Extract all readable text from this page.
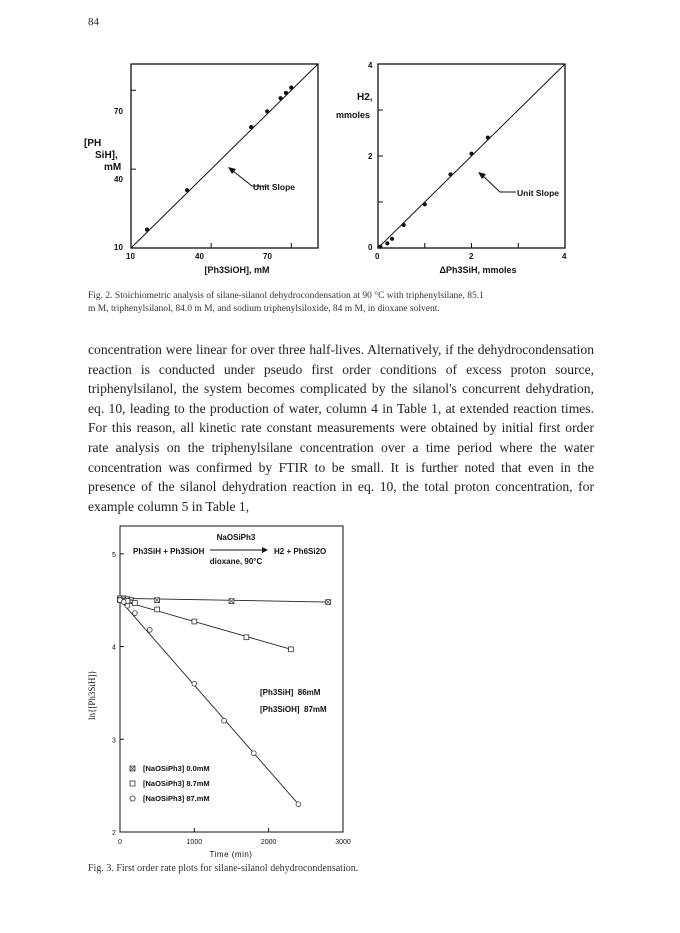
84
[PH
SiH],
mM
70
40
10
10	40	70
[Ph3SiOH], mM
Unit Slope
H2,
mmoles
4
2
0
0	2	4
ΔPh3SiH, mmoles
Unit Slope
Fig. 2. Stoichiometric analysis of silane-silanol dehydrocondensation at 90 °C with triphenylsilane, 85.1
m M, triphenylsilanol, 84.0 m M, and sodium triphenylsiloxide, 84 m M, in dioxane solvent.

concentration were linear for over three half-lives. Alternatively, if the dehydrocondensation reaction is conducted under pseudo first order conditions of excess proton source, triphenylsilanol, the system becomes complicated by the silanol's concurrent dehydration, eq. 10, leading to the production of water, column 4 in Table 1, at extended reaction times. For this reason, all kinetic rate constant measurements were obtained by initial first order rate analysis on the triphenylsilane concentration over a time period where the water concentration was confirmed by FTIR to be small. It is further noted that even in the presence of the silanol dehydration reaction in eq. 10, the total proton concentration, for example column 5 in Table 1,

5
4
3
2
0	1000	2000	3000
Ph3SiH + Ph3SiOH
NaOSiPh3
dioxane, 90°C
H2 + Ph6Si2O
[Ph3SiH]  86mM
[Ph3SiOH]  87mM
[NaOSiPh3] 0.0mM
[NaOSiPh3] 8.7mM
[NaOSiPh3] 87.mM
ln{[Ph3SiH]}
Time (min)
Fig. 3. First order rate plots for silane-silanol dehydrocondensation.
